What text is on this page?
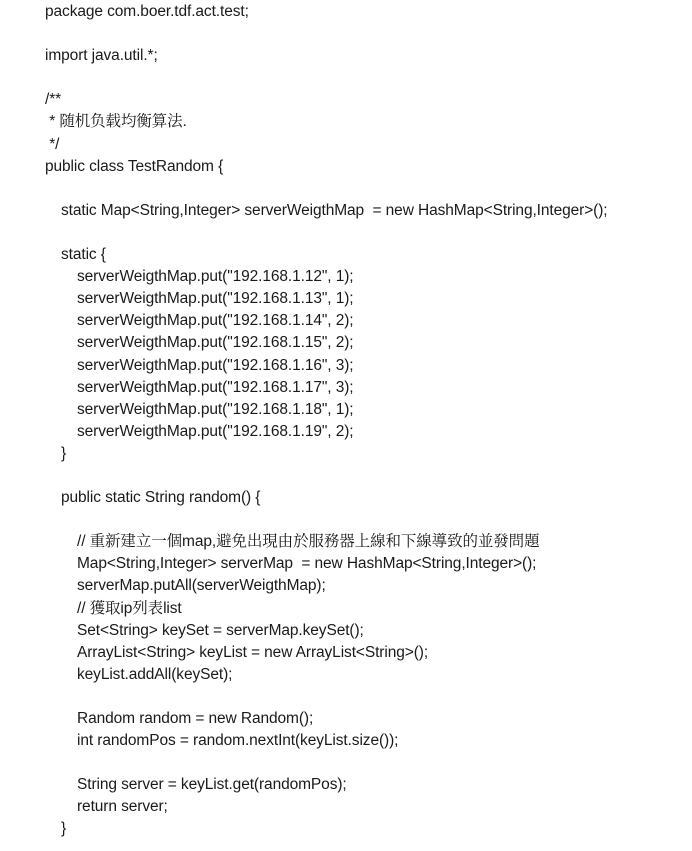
package com.boer.tdf.act.test;
import java.util.*;
/**
* 随机负载均衡算法.
*/
public class TestRandom {
static Map<String,Integer> serverWeigthMap  = new HashMap<String,Integer>();
static {
serverWeigthMap.put("192.168.1.12", 1);
serverWeigthMap.put("192.168.1.13", 1);
serverWeigthMap.put("192.168.1.14", 2);
serverWeigthMap.put("192.168.1.15", 2);
serverWeigthMap.put("192.168.1.16", 3);
serverWeigthMap.put("192.168.1.17", 3);
serverWeigthMap.put("192.168.1.18", 1);
serverWeigthMap.put("192.168.1.19", 2);
}
public static String random() {
// 重新建立一個map,避免出現由於服務器上線和下線導致的並發問題
Map<String,Integer> serverMap  = new HashMap<String,Integer>();
serverMap.putAll(serverWeigthMap);
// 獲取ip列表list
Set<String> keySet = serverMap.keySet();
ArrayList<String> keyList = new ArrayList<String>();
keyList.addAll(keySet);
Random random = new Random();
int randomPos = random.nextInt(keyList.size());
String server = keyList.get(randomPos);
return server;
}
